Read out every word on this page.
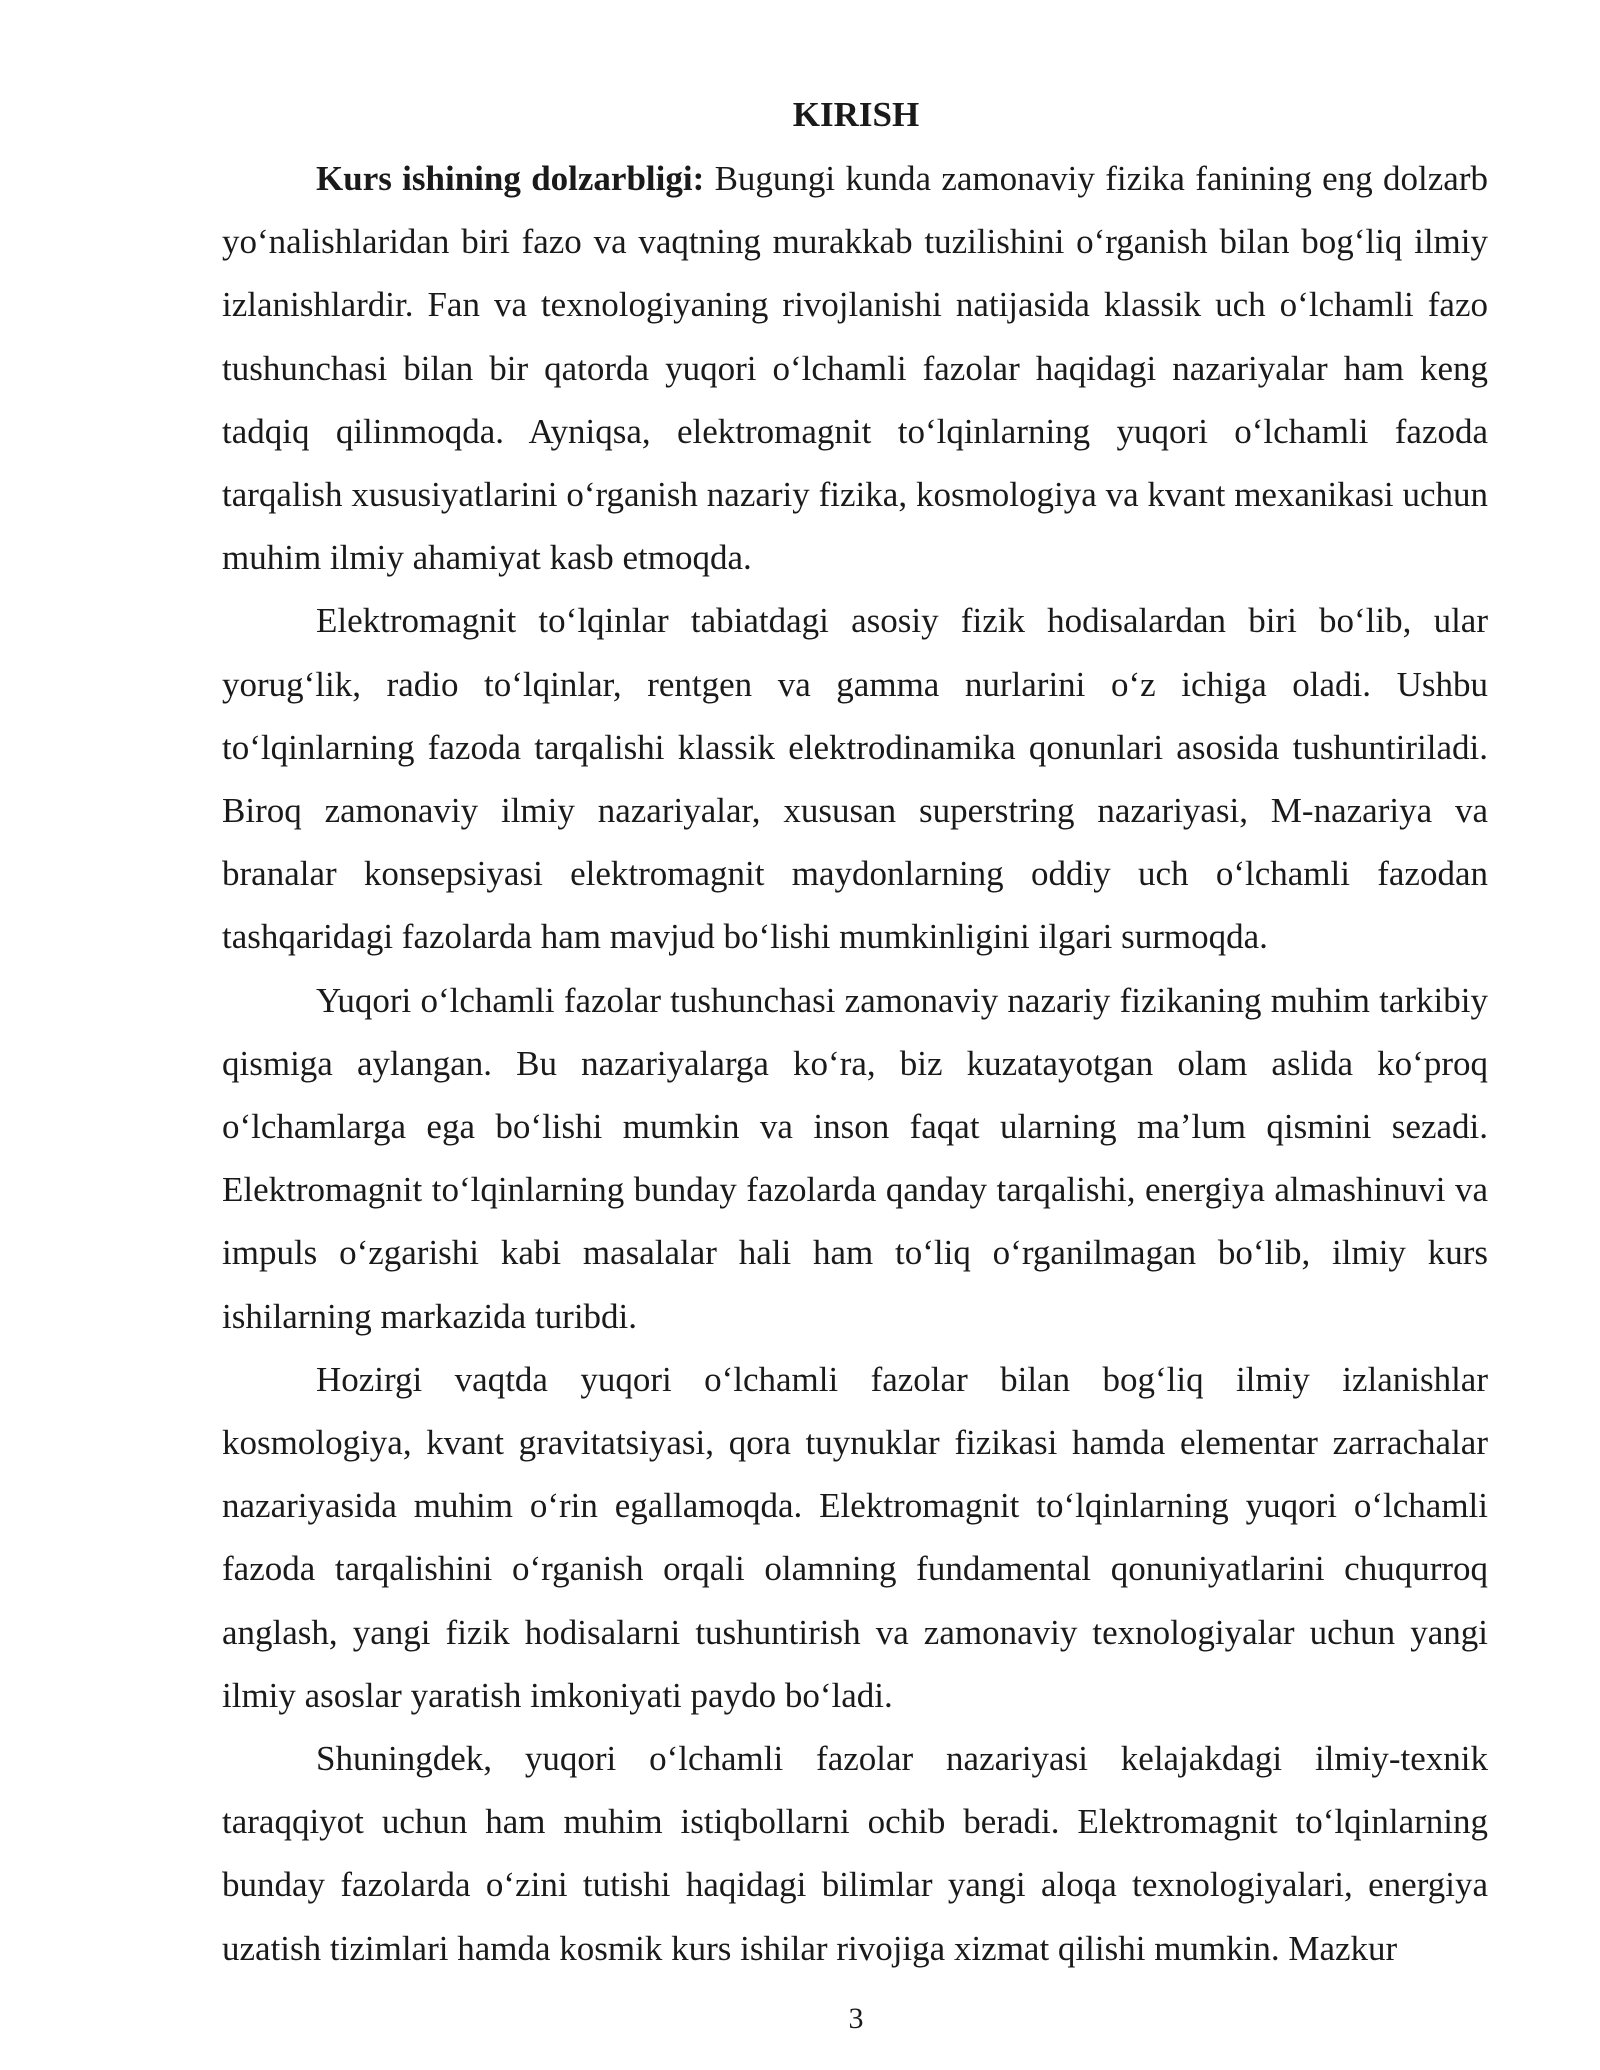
KIRISH

Kurs ishining dolzarbligi: Bugungi kunda zamonaviy fizika fanining eng dolzarb yoʻnalishlaridan biri fazo va vaqtning murakkab tuzilishini oʻrganish bilan bogʻliq ilmiy izlanishlardir. Fan va texnologiyaning rivojlanishi natijasida klassik uch oʻlchamli fazo tushunchasi bilan bir qatorda yuqori oʻlchamli fazolar haqidagi nazariyalar ham keng tadqiq qilinmoqda. Ayniqsa, elektromagnit toʻlqinlarning yuqori oʻlchamli fazoda tarqalish xususiyatlarini oʻrganish nazariy fizika, kosmologiya va kvant mexanikasi uchun muhim ilmiy ahamiyat kasb etmoqda.

Elektromagnit toʻlqinlar tabiatdagi asosiy fizik hodisalardan biri boʻlib, ular yorugʻlik, radio toʻlqinlar, rentgen va gamma nurlarini oʻz ichiga oladi. Ushbu toʻlqinlarning fazoda tarqalishi klassik elektrodinamika qonunlari asosida tushuntiriladi. Biroq zamonaviy ilmiy nazariyalar, xususan superstring nazariyasi, M-nazariya va branalar konsepsiyasi elektromagnit maydonlarning oddiy uch oʻlchamli fazodan tashqaridagi fazolarda ham mavjud boʻlishi mumkinligini ilgari surmoqda.

Yuqori oʻlchamli fazolar tushunchasi zamonaviy nazariy fizikaning muhim tarkibiy qismiga aylangan. Bu nazariyalarga koʻra, biz kuzatayotgan olam aslida koʻproq oʻlchamlarga ega boʻlishi mumkin va inson faqat ularning maʼlum qismini sezadi. Elektromagnit toʻlqinlarning bunday fazolarda qanday tarqalishi, energiya almashinuvi va impuls oʻzgarishi kabi masalalar hali ham toʻliq oʻrganilmagan boʻlib, ilmiy kurs ishilarning markazida turibdi.

Hozirgi vaqtda yuqori oʻlchamli fazolar bilan bogʻliq ilmiy izlanishlar kosmologiya, kvant gravitatsiyasi, qora tuynuklar fizikasi hamda elementar zarrachalar nazariyasida muhim oʻrin egallamoqda. Elektromagnit toʻlqinlarning yuqori oʻlchamli fazoda tarqalishini oʻrganish orqali olamning fundamental qonuniyatlarini chuqurroq anglash, yangi fizik hodisalarni tushuntirish va zamonaviy texnologiyalar uchun yangi ilmiy asoslar yaratish imkoniyati paydo boʻladi.

Shuningdek, yuqori oʻlchamli fazolar nazariyasi kelajakdagi ilmiy-texnik taraqqiyot uchun ham muhim istiqbollarni ochib beradi. Elektromagnit toʻlqinlarning bunday fazolarda oʻzini tutishi haqidagi bilimlar yangi aloqa texnologiyalari, energiya uzatish tizimlari hamda kosmik kurs ishilar rivojiga xizmat qilishi mumkin. Mazkur

3
